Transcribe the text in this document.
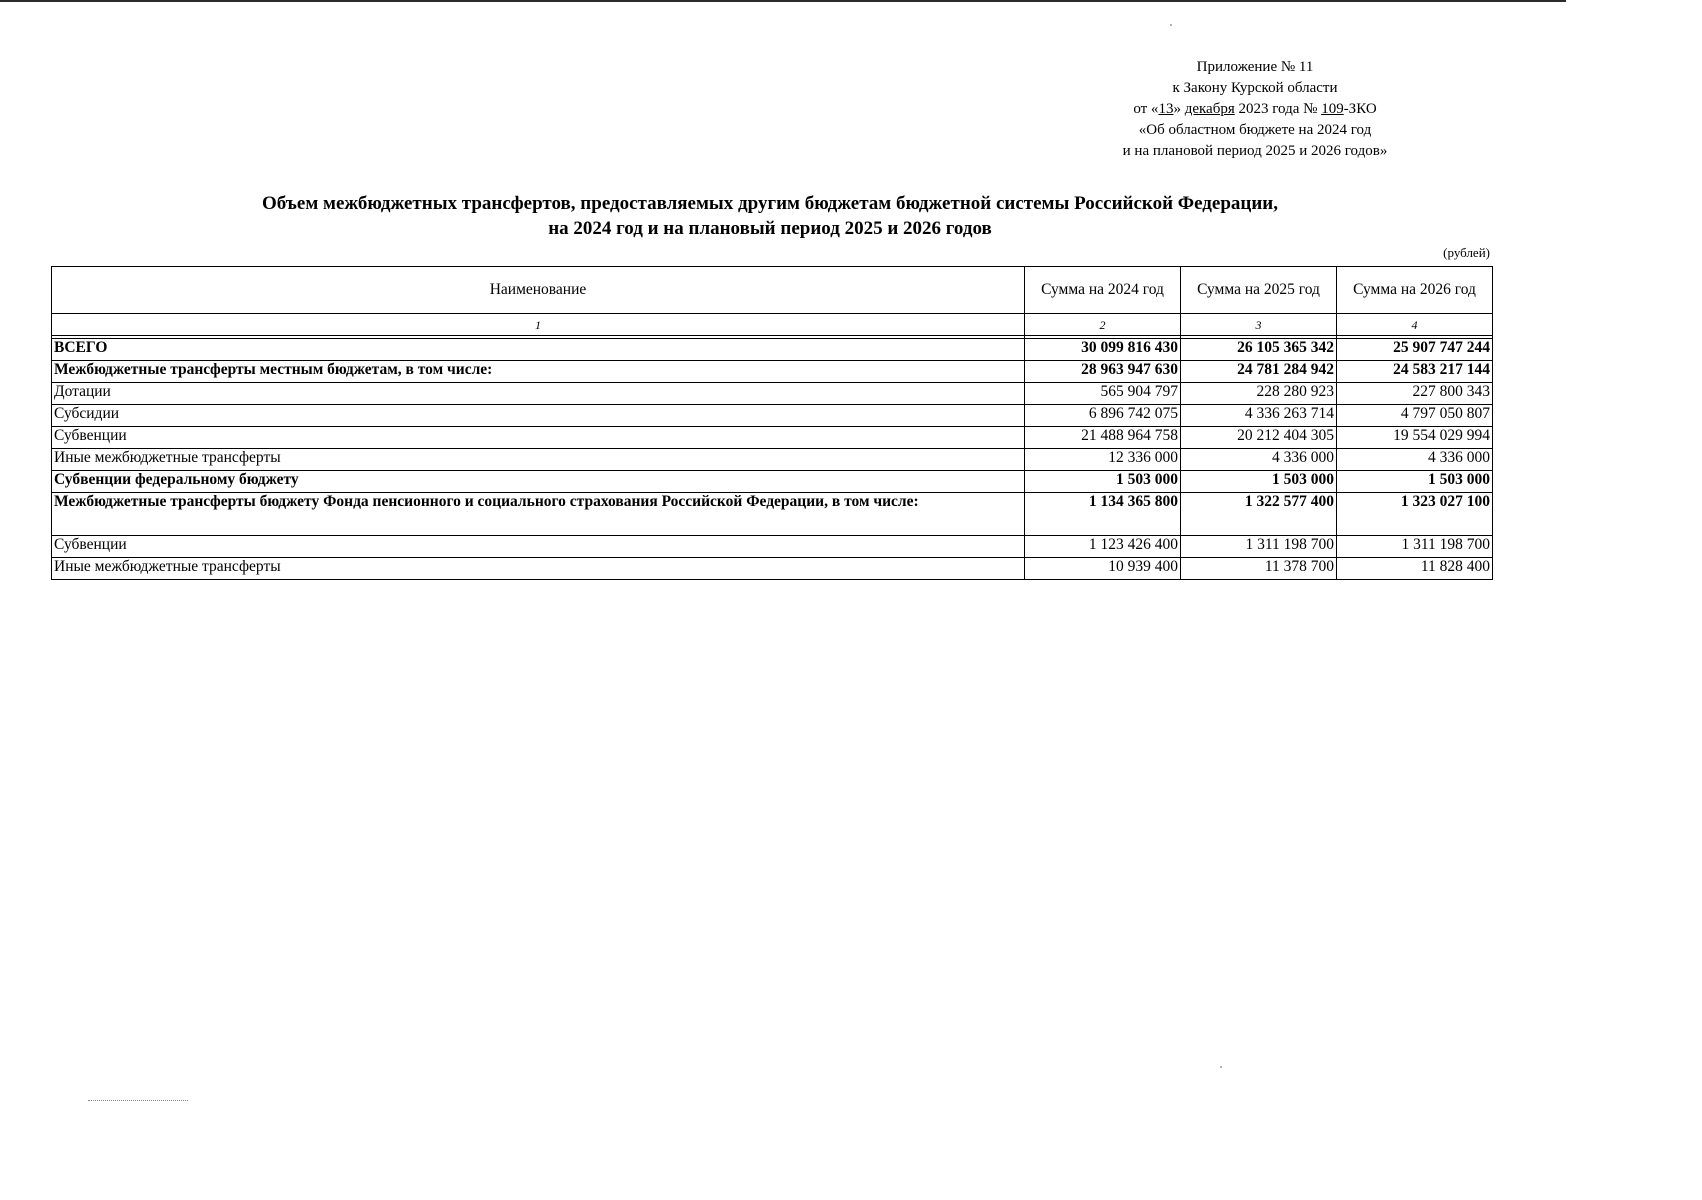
Приложение № 11
к Закону Курской области
от «13» декабря 2023 года № 109-ЗКО
«Об областном бюджете на 2024 год
и на плановой период 2025 и 2026 годов»
Объем межбюджетных трансфертов, предоставляемых другим бюджетам бюджетной системы Российской Федерации,
на 2024 год и на плановый период 2025 и 2026 годов
(рублей)
Наименование	Сумма на 2024 год	Сумма на 2025 год	Сумма на 2026 год
1	2	3	4

ВСЕГО	30 099 816 430	26 105 365 342	25 907 747 244
Межбюджетные трансферты местным бюджетам, в том числе:	28 963 947 630	24 781 284 942	24 583 217 144
Дотации	565 904 797	228 280 923	227 800 343
Субсидии	6 896 742 075	4 336 263 714	4 797 050 807
Субвенции	21 488 964 758	20 212 404 305	19 554 029 994
Иные межбюджетные трансферты	12 336 000	4 336 000	4 336 000
Субвенции федеральному бюджету	1 503 000	1 503 000	1 503 000
Межбюджетные трансферты бюджету Фонда пенсионного и социального страхования Российской Федерации, в том числе:	1 134 365 800	1 322 577 400	1 323 027 100
Субвенции	1 123 426 400	1 311 198 700	1 311 198 700
Иные межбюджетные трансферты	10 939 400	11 378 700	11 828 400
